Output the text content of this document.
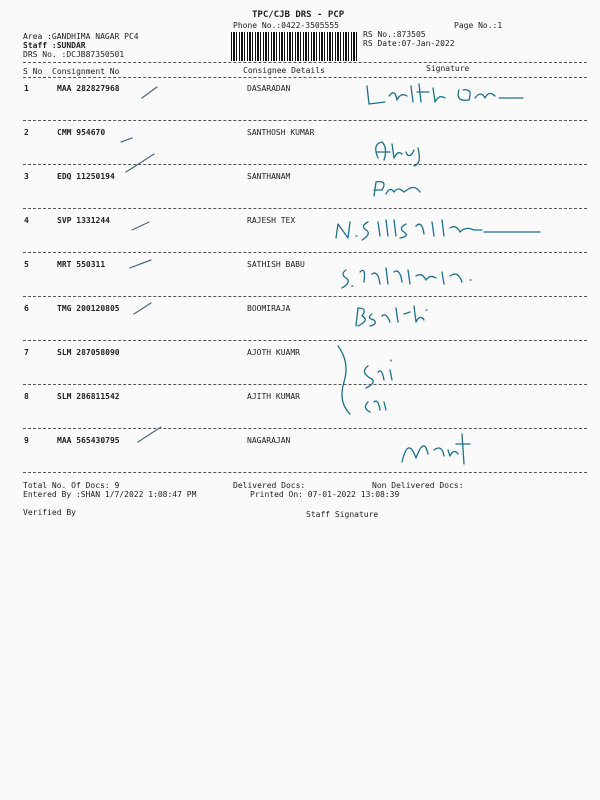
TPC/CJB DRS - PCP
Phone No.:0422-3505555	Page No.:1
Area :GANDHIMA NAGAR PC4
Staff :SUNDAR
DRS No. :DCJB87350501
RS No.:873505
RS Date:07-Jan-2022
S No Consignment No	Consignee Details	Signature
1	MAA 282827968	DASARADAN
2	CMM 954670	SANTHOSH KUMAR
3	EDQ 11250194	SANTHANAM
4	SVP 1331244	RAJESH TEX
5	MRT 550311	SATHISH BABU
6	TMG 200120805	BOOMIRAJA
7	SLM 287058090	AJOTH KUAMR
8	SLM 286811542	AJITH KUMAR
9	MAA 565430795	NAGARAJAN
Total No. Of Docs: 9	Delivered Docs:	Non Delivered Docs:
Entered By :SHAN 1/7/2022 1:08:47 PM	Printed On: 07-01-2022 13:08:39
Verified By	Staff Signature
